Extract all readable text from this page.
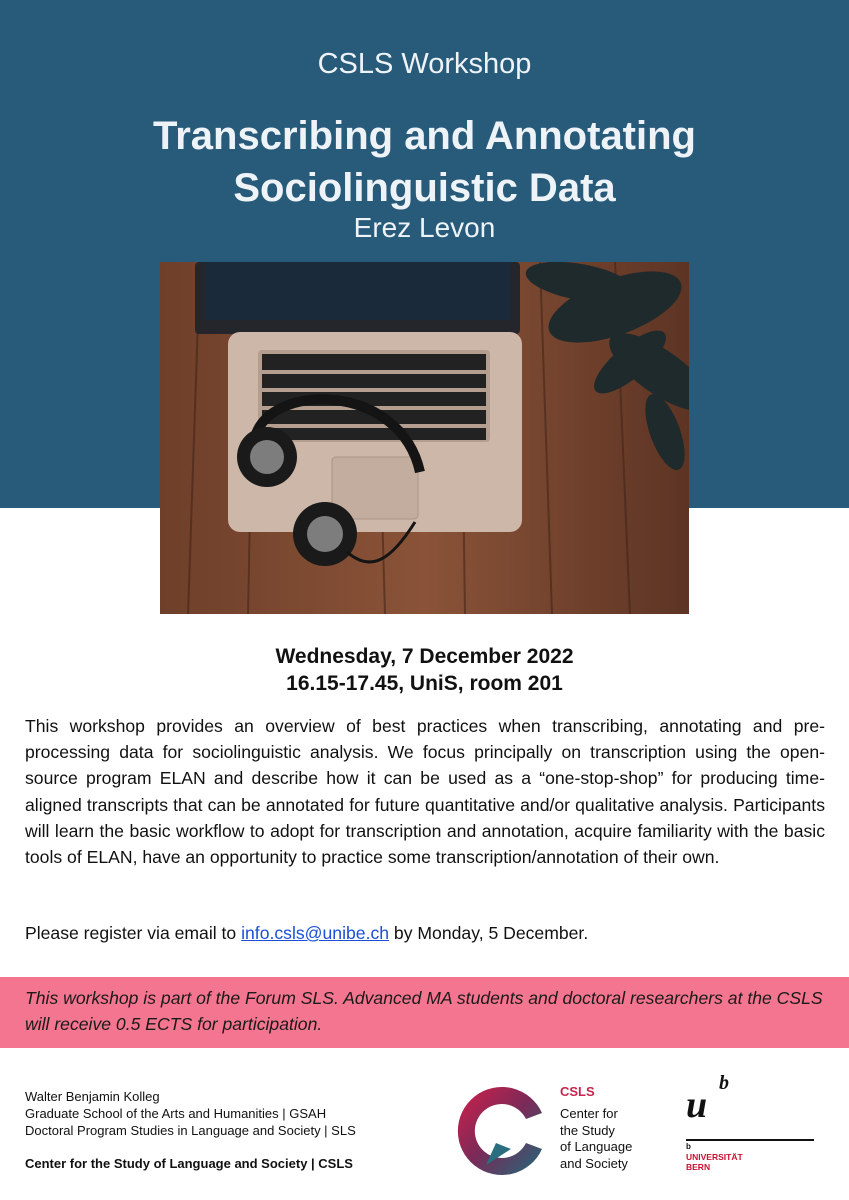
CSLS Workshop
Transcribing and Annotating Sociolinguistic Data
Erez Levon
Wednesday, 7 December 2022
16.15-17.45, UniS, room 201

This workshop provides an overview of best practices when transcribing, annotating and pre-processing data for sociolinguistic analysis. We focus principally on transcription using the open-source program ELAN and describe how it can be used as a “one-stop-shop” for producing time-aligned transcripts that can be annotated for future quantitative and/or qualitative analysis. Participants will learn the basic workflow to adopt for transcription and annotation, acquire familiarity with the basic tools of ELAN, have an opportunity to practice some transcription/annotation of their own.

Please register via email to info.csls@unibe.ch by Monday, 5 December.

This workshop is part of the Forum SLS. Advanced MA students and doctoral researchers at the CSLS will receive 0.5 ECTS for participation.

Walter Benjamin Kolleg
Graduate School of the Arts and Humanities | GSAH
Doctoral Program Studies in Language and Society | SLS
Center for the Study of Language and Society | CSLS
CSLS
Center for
the Study
of Language
and Society
u
b
b
UNIVERSITÄT
BERN
